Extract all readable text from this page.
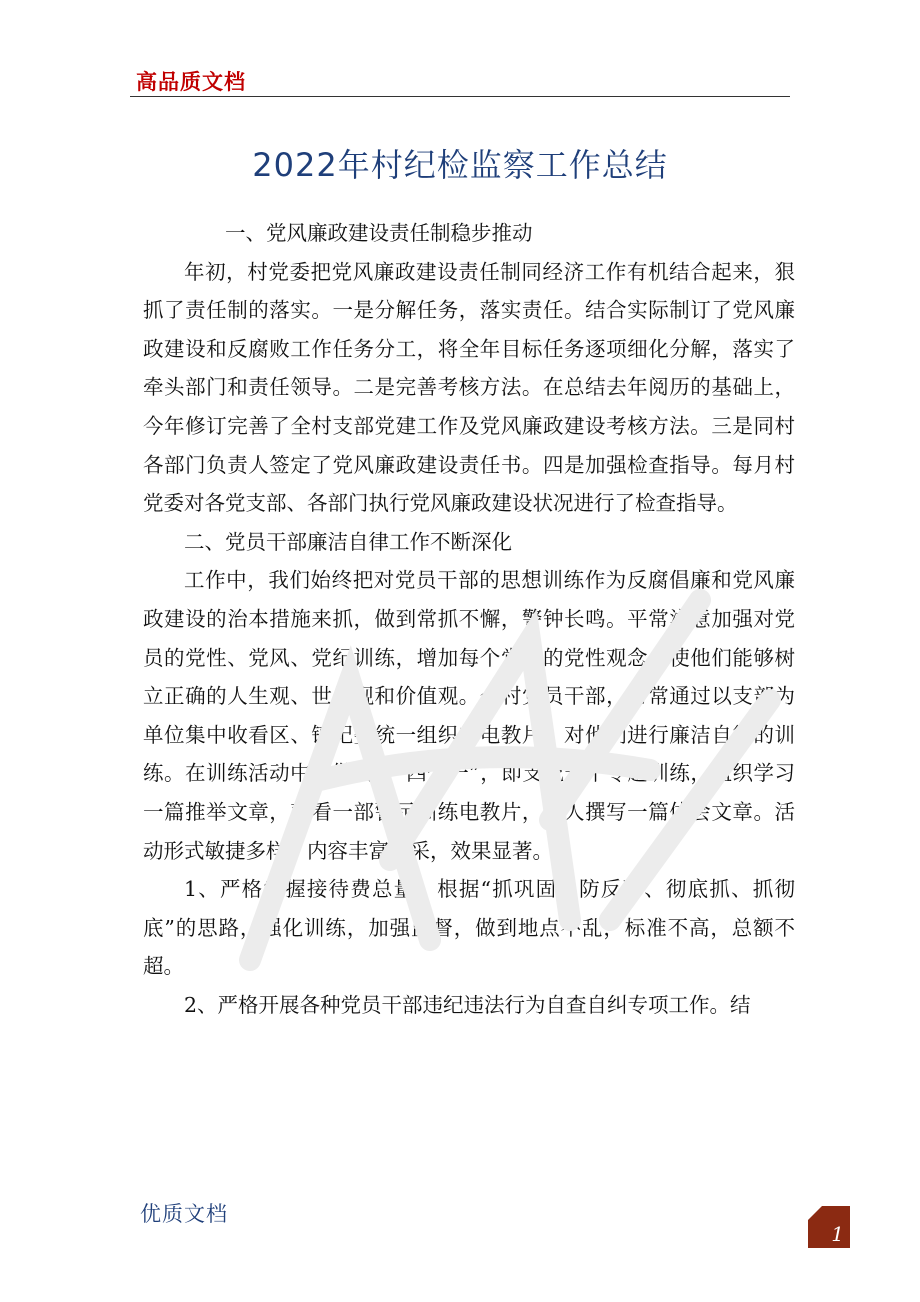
高品质文档
2022年村纪检监察工作总结

一、党风廉政建设责任制稳步推动

年初，村党委把党风廉政建设责任制同经济工作有机结合起来，狠抓了责任制的落实。一是分解任务，落实责任。结合实际制订了党风廉政建设和反腐败工作任务分工，将全年目标任务逐项细化分解，落实了牵头部门和责任领导。二是完善考核方法。在总结去年阅历的基础上，今年修订完善了全村支部党建工作及党风廉政建设考核方法。三是同村各部门负责人签定了党风廉政建设责任书。四是加强检查指导。每月村党委对各党支部、各部门执行党风廉政建设状况进行了检查指导。

二、党员干部廉洁自律工作不断深化

工作中，我们始终把对党员干部的思想训练作为反腐倡廉和党风廉政建设的治本措施来抓，做到常抓不懈，警钟长鸣。平常注意加强对党员的党性、党风、党纪训练，增加每个党员的党性观念，使他们能够树立正确的人生观、世界观和价值观。全村党员干部，常常通过以支部为单位集中收看区、镇纪委统一组织的电教片，对他们进行廉洁自律的训练。在训练活动中，做到了“四个一”，即支配一个专题训练，组织学习一篇推举文章，观看一部警示训练电教片，每人撰写一篇体会文章。活动形式敏捷多样，内容丰富多采，效果显著。

1、严格掌握接待费总量。根据“抓巩固、防反弹、彻底抓、抓彻底”的思路，强化训练，加强监督，做到地点不乱，标准不高，总额不超。

2、严格开展各种党员干部违纪违法行为自查自纠专项工作。结

优质文档
1
